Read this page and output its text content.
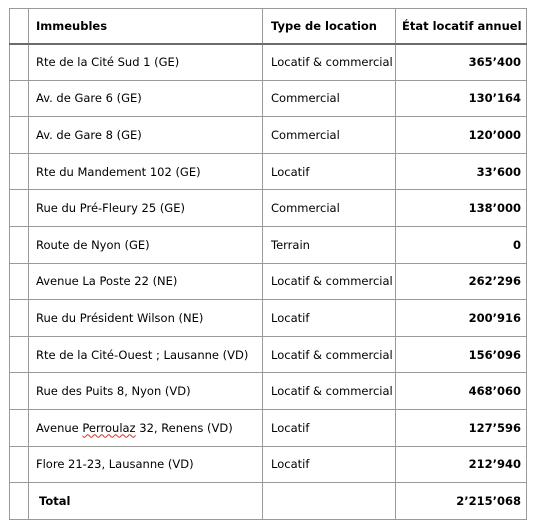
	Immeubles	Type de location	État locatif annuel
	Rte de la Cité Sud 1 (GE)	Locatif & commercial	365’400
	Av. de Gare 6 (GE)	Commercial	130’164
	Av. de Gare 8 (GE)	Commercial	120’000
	Rte du Mandement 102 (GE)	Locatif	33’600
	Rue du Pré-Fleury 25 (GE)	Commercial	138’000
	Route de Nyon (GE)	Terrain	0
	Avenue La Poste 22 (NE)	Locatif & commercial	262’296
	Rue du Président Wilson (NE)	Locatif	200’916
	Rte de la Cité-Ouest ; Lausanne (VD)	Locatif & commercial	156’096
	Rue des Puits 8, Nyon (VD)	Locatif & commercial	468’060
	Avenue Perroulaz 32, Renens (VD)	Locatif	127’596
	Flore 21-23, Lausanne (VD)	Locatif	212’940
	Total		2’215’068
